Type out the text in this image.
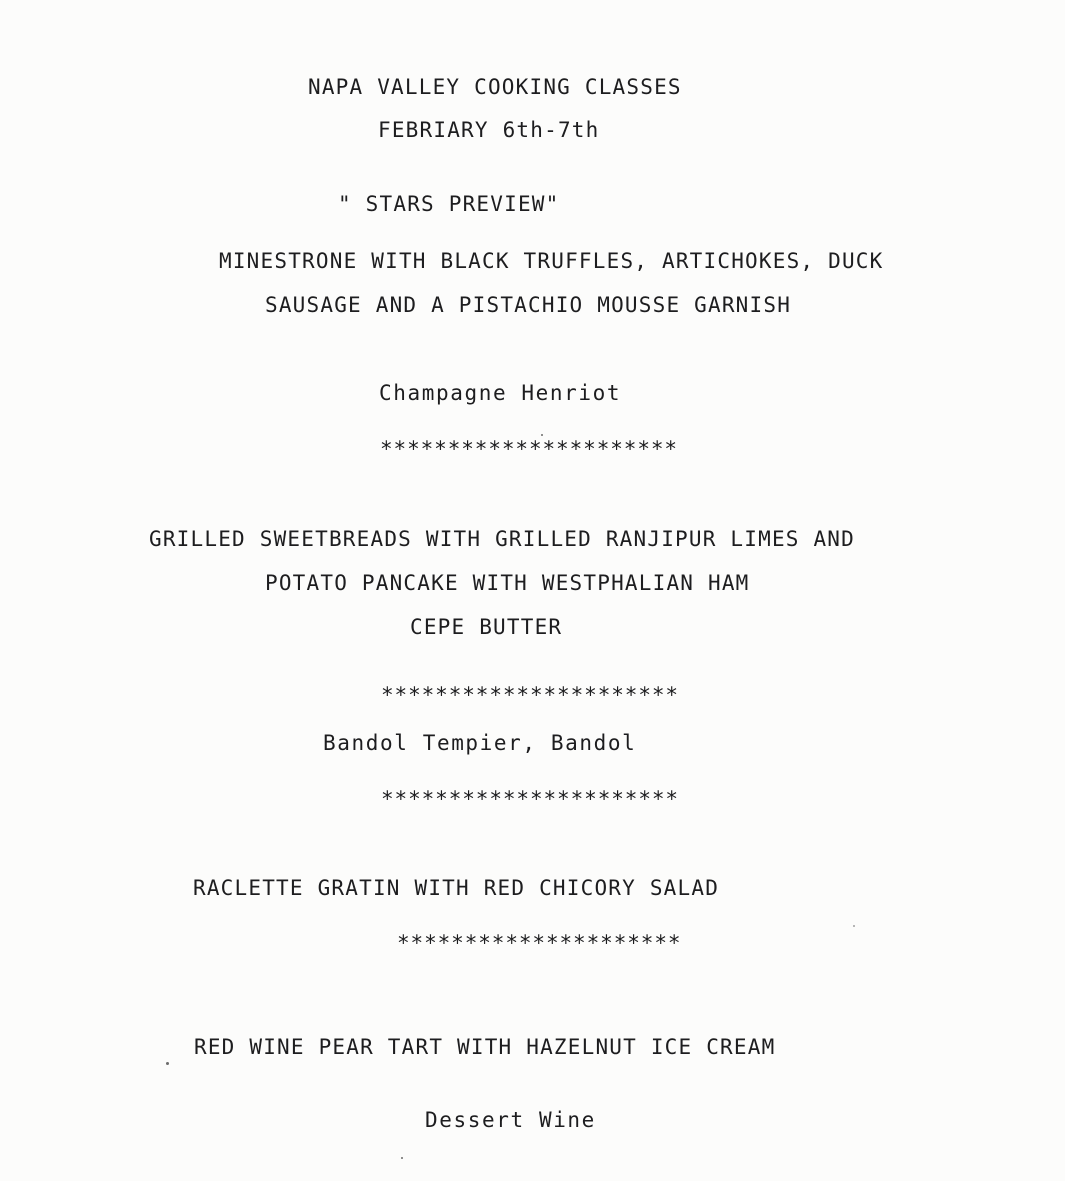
NAPA VALLEY COOKING CLASSES
FEBRIARY 6th-7th
" STARS PREVIEW"
MINESTRONE WITH BLACK TRUFFLES, ARTICHOKES, DUCK
SAUSAGE AND A PISTACHIO MOUSSE GARNISH
Champagne Henriot
**********************
GRILLED SWEETBREADS WITH GRILLED RANJIPUR LIMES AND
POTATO PANCAKE WITH WESTPHALIAN HAM
CEPE BUTTER
**********************
Bandol Tempier, Bandol
**********************
RACLETTE GRATIN WITH RED CHICORY SALAD
*********************
RED WINE PEAR TART WITH HAZELNUT ICE CREAM
Dessert Wine
